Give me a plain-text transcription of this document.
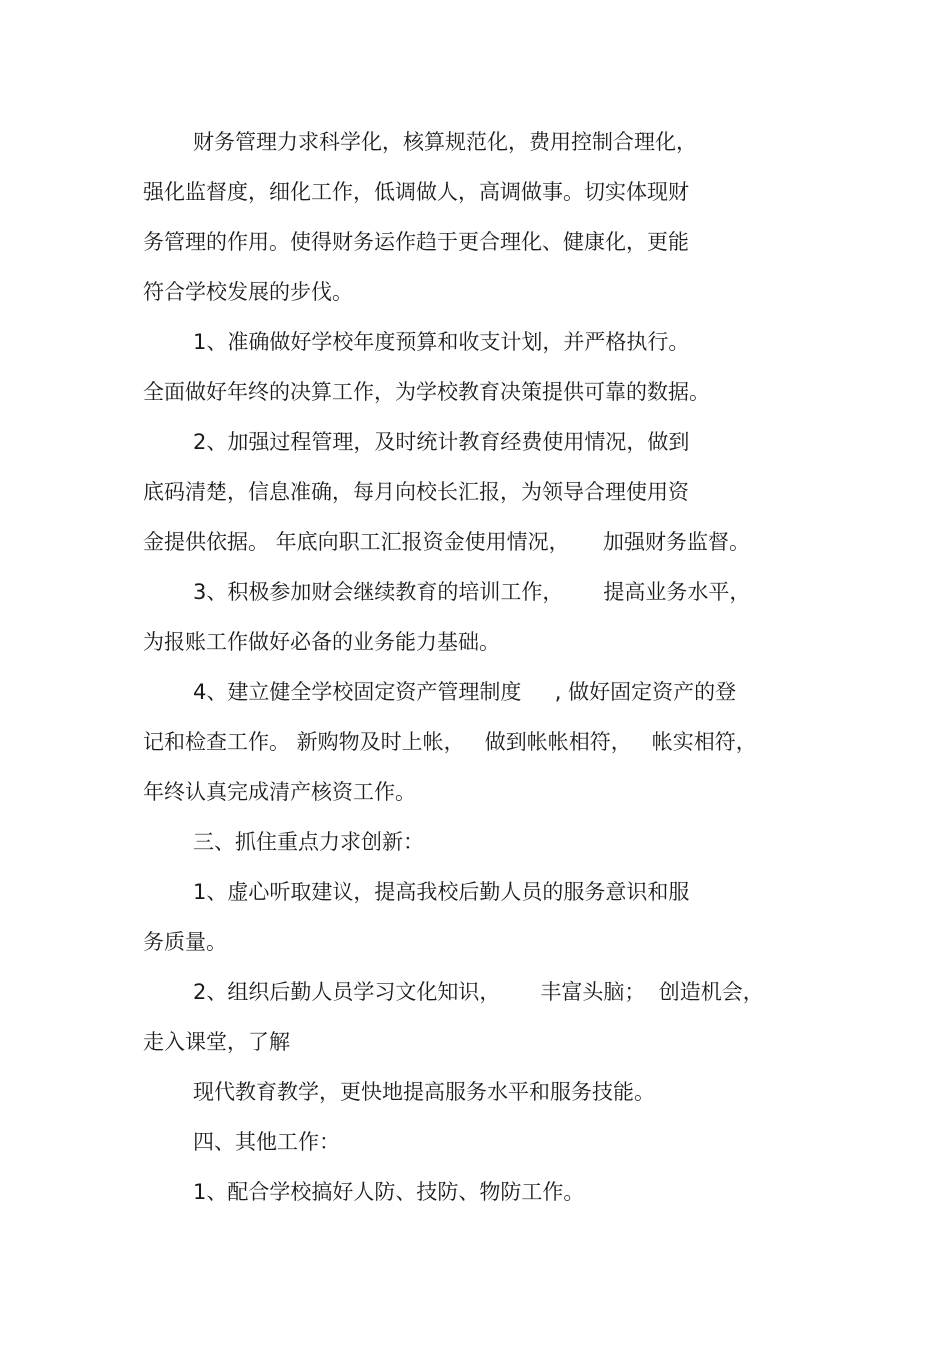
财务管理力求科学化，核算规范化，费用控制合理化，
强化监督度，细化工作，低调做人，高调做事。切实体现财
务管理的作用。使得财务运作趋于更合理化、健康化，更能
符合学校发展的步伐。
1、准确做好学校年度预算和收支计划，并严格执行。
全面做好年终的决算工作，为学校教育决策提供可靠的数据。
2、加强过程管理，及时统计教育经费使用情况，做到
底码清楚，信息准确，每月向校长汇报，为领导合理使用资
金提供依据。 年底向职工汇报资金使用情况，     加强财务监督。
3、积极参加财会继续教育的培训工作，      提高业务水平，
为报账工作做好必备的业务能力基础。
4、建立健全学校固定资产管理制度     , 做好固定资产的登
记和检查工作。 新购物及时上帐，   做到帐帐相符，   帐实相符，
年终认真完成清产核资工作。
三、抓住重点力求创新：
1、虚心听取建议，提高我校后勤人员的服务意识和服
务质量。
2、组织后勤人员学习文化知识，      丰富头脑；  创造机会，
走入课堂，了解
现代教育教学，更快地提高服务水平和服务技能。
四、其他工作：
1、配合学校搞好人防、技防、物防工作。
